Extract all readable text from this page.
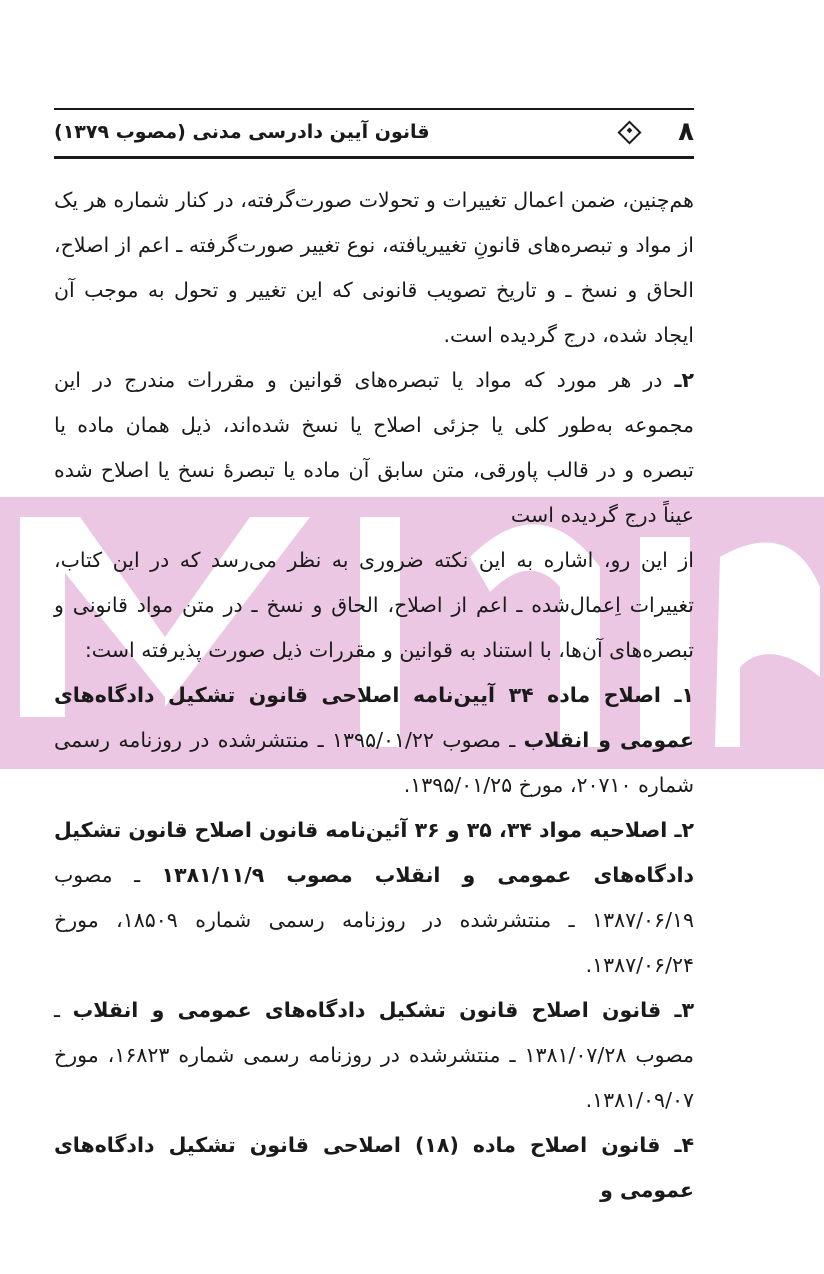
۸
قانون آیین دادرسی مدنی (مصوب ۱۳۷۹)

هم‌چنین، ضمن اعمال تغییرات و تحولات صورت‌گرفته، در کنار شماره هر یک از مواد و تبصره‌های قانونِ تغییریافته، نوع تغییر صورت‌گرفته ـ اعم از اصلاح، الحاق و نسخ ـ و تاریخ تصویب قانونی که این تغییر و تحول به موجب آن ایجاد شده، درج گردیده است.

۲ـ در هر مورد که مواد یا تبصره‌های قوانین و مقررات مندرج در این مجموعه به‌طور کلی یا جزئی اصلاح یا نسخ شده‌اند، ذیل همان ماده یا تبصره و در قالب پاورقی، متن سابق آن ماده یا تبصرهٔ نسخ یا اصلاح شده عیناً درج گردیده است

از این رو، اشاره به این نکته ضروری به نظر می‌رسد که در این کتاب، تغییرات اِعمال‌شده ـ اعم از اصلاح، الحاق و نسخ ـ در متن مواد قانونی و تبصره‌های آن‌ها، با استناد به قوانین و مقررات ذیل صورت پذیرفته است:

۱ـ اصلاح ماده ۳۴ آیین‌نامه اصلاحی قانون تشکیل دادگاه‌های عمومی و انقلاب ـ مصوب ۱۳۹۵/۰۱/۲۲ ـ منتشرشده در روزنامه رسمی شماره ۲۰۷۱۰، مورخ ۱۳۹۵/۰۱/۲۵.

۲ـ اصلاحیه مواد ۳۴، ۳۵ و ۳۶ آئین‌نامه قانون اصلاح قانون تشکیل دادگاه‌های عمومی و انقلاب مصوب ۱۳۸۱/۱۱/۹ ـ مصوب ۱۳۸۷/۰۶/۱۹ ـ منتشرشده در روزنامه رسمی شماره ۱۸۵۰۹، مورخ ۱۳۸۷/۰۶/۲۴.

۳ـ قانون اصلاح قانون تشکیل دادگاه‌های عمومی و انقلاب ـ مصوب ۱۳۸۱/۰۷/۲۸ ـ منتشرشده در روزنامه رسمی شماره ۱۶۸۲۳، مورخ ۱۳۸۱/۰۹/۰۷.

۴ـ قانون اصلاح ماده (۱۸) اصلاحی قانون تشکیل دادگاه‌های عمومی و
